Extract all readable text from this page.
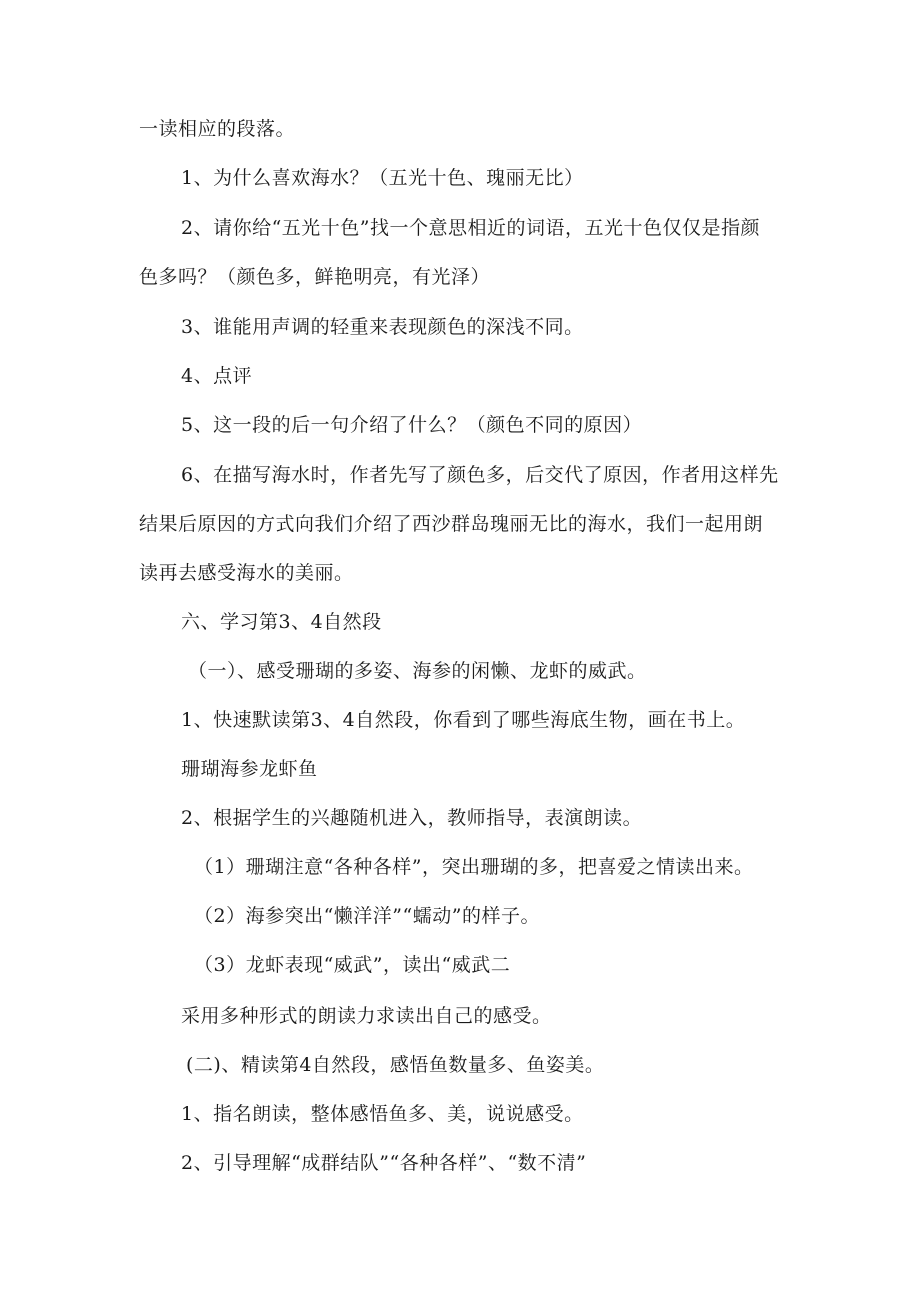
一读相应的段落。
1、为什么喜欢海水？（五光十色、瑰丽无比）
2、请你给“五光十色”找一个意思相近的词语，五光十色仅仅是指颜
色多吗？（颜色多，鲜艳明亮，有光泽）
3、谁能用声调的轻重来表现颜色的深浅不同。
4、点评
5、这一段的后一句介绍了什么？（颜色不同的原因）
6、在描写海水时，作者先写了颜色多，后交代了原因，作者用这样先
结果后原因的方式向我们介绍了西沙群岛瑰丽无比的海水，我们一起用朗
读再去感受海水的美丽。
六、学习第3、4自然段
（一）、感受珊瑚的多姿、海参的闲懒、龙虾的威武。
1、快速默读第3、4自然段，你看到了哪些海底生物，画在书上。
珊瑚海参龙虾鱼
2、根据学生的兴趣随机进入，教师指导，表演朗读。
（1）珊瑚注意“各种各样”，突出珊瑚的多，把喜爱之情读出来。
（2）海参突出“懒洋洋”“蠕动”的样子。
（3）龙虾表现“威武”，读出“威武二
采用多种形式的朗读力求读出自己的感受。
(二)、精读第4自然段，感悟鱼数量多、鱼姿美。
1、指名朗读，整体感悟鱼多、美，说说感受。
2、引导理解“成群结队”“各种各样”、“数不清”
